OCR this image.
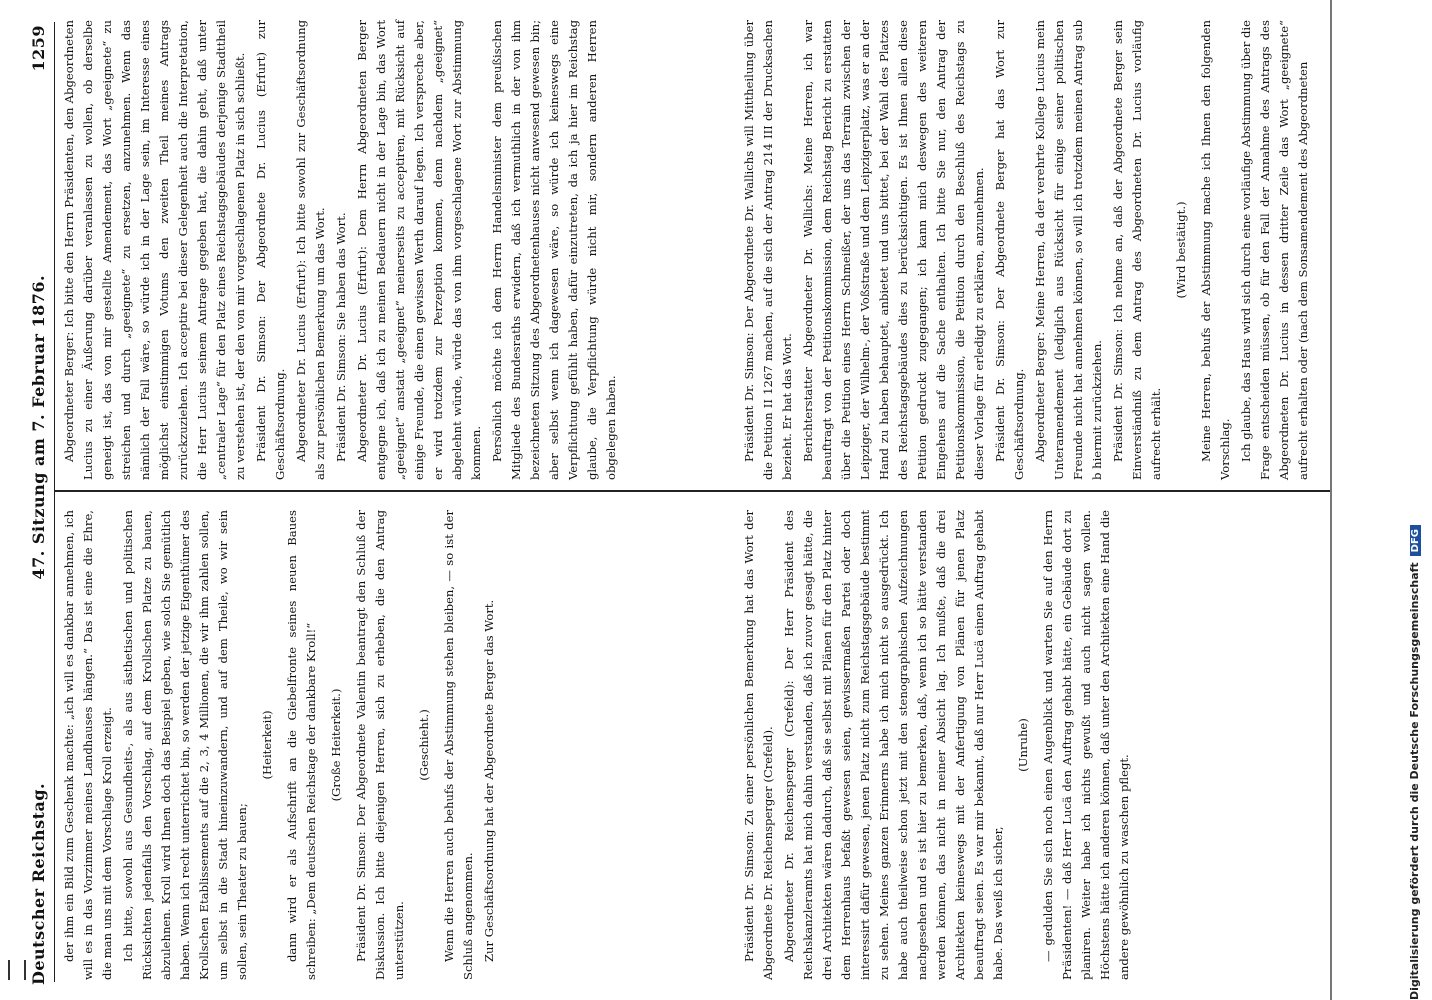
Deutscher Reichstag.
47. Sitzung am 7. Februar 1876.
1259

der ihm ein Bild zum Geschenk machte: „ich will es dankbar annehmen, ich will es in das Vorzimmer meines Landhauses hängen.“ Das ist eine die Ehre, die man uns mit dem Vorschlage Kroll erzeigt. Ich bitte, sowohl aus Gesundheits-, als aus ästhetischen und politischen Rücksichten jedenfalls den Vorschlag, auf dem Krollschen Platze zu bauen, abzulehnen. Kroll wird Ihnen doch das Beispiel geben, wie solch Sie gemütlich haben. Wenn ich recht unterrichtet bin, so werden der jetzige Eigenthümer des Krollschen Etablissements auf die 2, 3, 4 Millionen, die wir ihm zahlen sollen, um selbst in die Stadt hineinzuwandern, und auf dem Theile, wo wir sein sollen, sein Theater zu bauen;

(Heiterkeit) dann wird er als Aufschrift an die Giebelfronte seines neuen Baues schreiben: „Dem deutschen Reichstage der dankbare Kroll!“ (Große Heiterkeit.) Präsident Dr. Simson: Der Abgeordnete Valentin beantragt den Schluß der Diskussion. Ich bitte diejenigen Herren, sich zu erheben, die den Antrag unterstützen.

(Geschieht.) Wenn die Herren auch behufs der Abstimmung stehen bleiben, — so ist der Schluß angenommen. Zur Geschäftsordnung hat der Abgeordnete Berger das Wort.

Abgeordneter Berger: Ich bitte den Herrn Präsidenten, den Abgeordneten Lucius zu einer Äußerung darüber veranlassen zu wollen, ob derselbe geneigt ist, das von mir gestellte Amendement, das Wort „geeignete“ zu streichen und durch „geeignete“ zu ersetzen, anzunehmen. Wenn das nämlich der Fall wäre, so würde ich in der Lage sein, im Interesse eines möglichst einstimmigen Votums den zweiten Theil meines Antrags zurückzuziehen. Ich acceptire bei dieser Gelegenheit auch die Interpretation, die Herr Lucius seinem Antrage gegeben hat, die dahin geht, daß unter „centraler Lage“ für den Platz eines Reichstagsgebäudes derjenige Stadttheil zu verstehen ist, der den von mir vorgeschlagenen Platz in sich schließt. Präsident Dr. Simson: Der Abgeordnete Dr. Lucius (Erfurt) zur Geschäftsordnung. Abgeordneter Dr. Lucius (Erfurt): Ich bitte sowohl zur Geschäftsordnung als zur persönlichen Bemerkung um das Wort. Präsident Dr. Simson: Sie haben das Wort. Abgeordneter Dr. Lucius (Erfurt): Dem Herrn Abgeordneten Berger entgegne ich, daß ich zu meinen Bedauern nicht in der Lage bin, das Wort „geeignet“ anstatt „geeignet“ meinerseits zu acceptiren, mit Rücksicht auf einige Freunde, die einen gewissen Werth darauf legen. Ich verspreche aber, er wird trotzdem zur Perzeption kommen, denn nachdem „geeignet“ abgelehnt würde, würde das von ihm vorgeschlagene Wort zur Abstimmung kommen. Persönlich möchte ich dem Herrn Handelsminister dem preußischen Mitgliede des Bundesraths erwidern, daß ich vermuthlich in der von ihm bezeichneten Sitzung des Abgeordnetenhauses nicht anwesend gewesen bin; aber selbst wenn ich dagewesen wäre, so würde ich keineswegs eine Verpflichtung gefühlt haben, dafür einzutreten, da ich ja hier im Reichstag glaube, die Verpflichtung würde nicht mir, sondern anderen Herren obgelegen haben.

Präsident Dr. Simson: Zu einer persönlichen Bemerkung hat das Wort der Abgeordnete Dr. Reichensperger (Crefeld). Abgeordneter Dr. Reichensperger (Crefeld): Der Herr Präsident des Reichskanzleramts hat mich dahin verstanden, daß ich zuvor gesagt hätte, die drei Architekten wären dadurch, daß sie selbst mit Plänen für den Platz hinter dem Herrenhaus befaßt gewesen seien, gewissermaßen Partei oder doch interessirt dafür gewesen, jenen Platz nicht zum Reichstagsgebäude bestimmt zu sehen. Meines ganzen Erinnerns habe ich mich nicht so ausgedrückt. Ich habe auch theilweise schon jetzt mit den stenographischen Aufzeichnungen nachgesehen und es ist hier zu bemerken, daß, wenn ich so hätte verstanden werden können, das nicht in meiner Absicht lag. Ich mußte, daß die drei Architekten keineswegs mit der Anfertigung von Plänen für jenen Platz beauftragt seien. Es war mir bekannt, daß nur Herr Lucä einen Auftrag gehabt habe. Das weiß ich sicher,

(Unruhe) — gedulden Sie sich noch einen Augenblick und warten Sie auf den Herrn Präsidenten! — daß Herr Lucä den Auftrag gehabt hätte, ein Gebäude dort zu planiren. Weiter habe ich nichts gewußt und auch nicht sagen wollen. Höchstens hätte ich anderen können, daß unter den Architekten eine Hand die andere gewöhnlich zu waschen pflegt.

Präsident Dr. Simson: Der Abgeordnete Dr. Wallichs will Mittheilung über die Petition II 1267 machen, auf die sich der Antrag 214 III der Drucksachen bezieht. Er hat das Wort. Berichterstatter Abgeordneter Dr. Wallichs: Meine Herren, ich war beauftragt von der Petitionskommission, dem Reichstag Bericht zu erstatten über die Petition eines Herrn Schmeißer, der uns das Terrain zwischen der Leipziger, der Wilhelm-, der Voßstraße und dem Leipzigerplatz, was er an der Hand zu haben behauptet, anbietet und uns bittet, bei der Wahl des Platzes des Reichstagsgebäudes dies zu berücksichtigen. Es ist Ihnen allen diese Petition gedruckt zugegangen; ich kann mich deswegen des weiteren Eingehens auf die Sache enthalten. Ich bitte Sie nur, den Antrag der Petitionskommission, die Petition durch den Beschluß des Reichstags zu dieser Vorlage für erledigt zu erklären, anzunehmen. Präsident Dr. Simson: Der Abgeordnete Berger hat das Wort zur Geschäftsordnung. Abgeordneter Berger: Meine Herren, da der verehrte Kollege Lucius mein Unteramendement (lediglich aus Rücksicht für einige seiner politischen Freunde nicht hat annehmen können, so will ich trotzdem meinen Antrag sub b hiermit zurückziehen. Präsident Dr. Simson: Ich nehme an, daß der Abgeordnete Berger sein Einverständniß zu dem Antrag des Abgeordneten Dr. Lucius vorläufig aufrecht erhält.

(Wird bestätigt.) Meine Herren, behufs der Abstimmung mache ich Ihnen den folgenden Vorschlag. Ich glaube, das Haus wird sich durch eine vorläufige Abstimmung über die Frage entscheiden müssen, ob für den Fall der Annahme des Antrags des Abgeordneten Dr. Lucius in dessen dritter Zeile das Wort „geeignete“ aufrecht erhalten oder (nach dem Sonsamendement des Abgeordneten

Digitalisierung gefördert durch die Deutsche ForschungsgemeinschaftDFG
